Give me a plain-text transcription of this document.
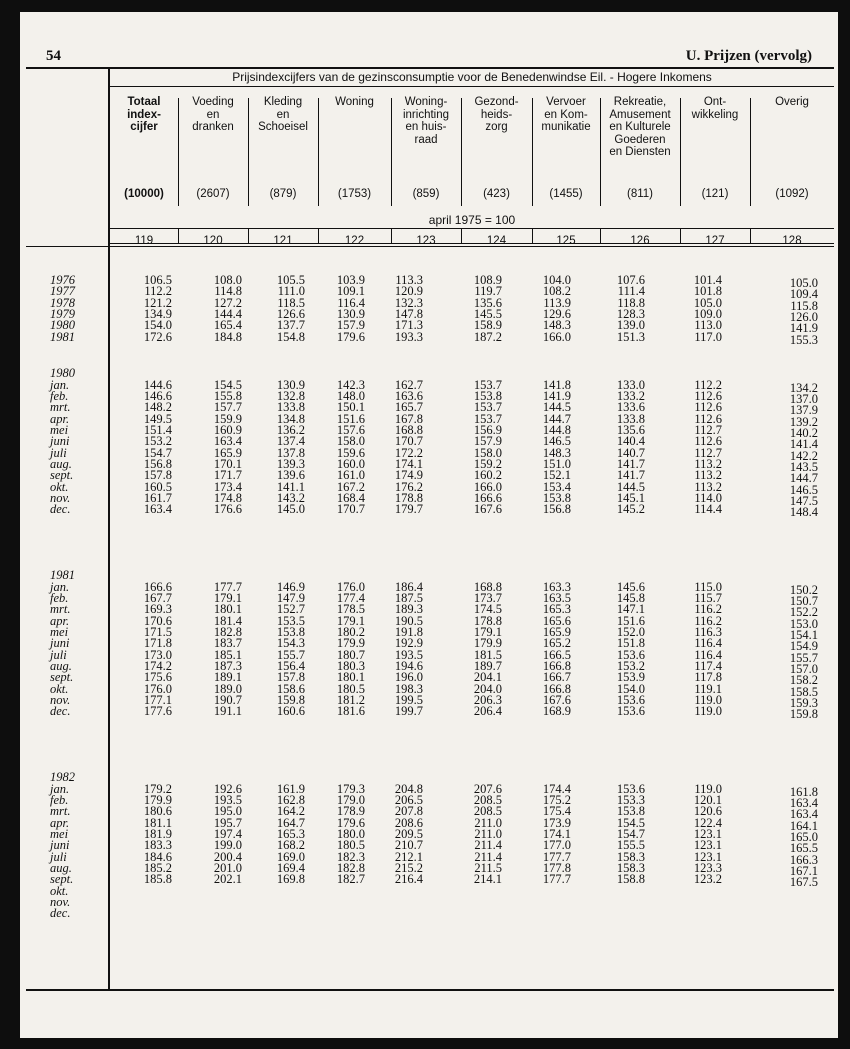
54	U. Prijzen (vervolg)
Prijsindexcijfers van de gezinsconsumptie voor de Benedenwindse Eil. - Hogere Inkomens
april 1975 = 100
Totaal
index-
cijfer
(10000)
Voeding
en
dranken
(2607)
Kleding
en
Schoeisel
(879)
Woning
(1753)
Woning-
inrichting
en huis-
raad
(859)
Gezond-
heids-
zorg
(423)
Vervoer
en Kom-
munikatie
(1455)
Rekreatie,
Amusement
en Kulturele
Goederen
en Diensten
(811)
Ont-
wikkeling
(121)
Overig
(1092)
119	120	121	122	123	124	125	126	127	128
1976	106.5	108.0	105.5	103.9	113.3	108.9	104.0	107.6	101.4	105.0
1977	112.2	114.8	111.0	109.1	120.9	119.7	108.2	111.4	101.8	109.4
1978	121.2	127.2	118.5	116.4	132.3	135.6	113.9	118.8	105.0	115.8
1979	134.9	144.4	126.6	130.9	147.8	145.5	129.6	128.3	109.0	126.0
1980	154.0	165.4	137.7	157.9	171.3	158.9	148.3	139.0	113.0	141.9
1981	172.6	184.8	154.8	179.6	193.3	187.2	166.0	151.3	117.0	155.3
1980
jan.	144.6	154.5	130.9	142.3	162.7	153.7	141.8	133.0	112.2	134.2
feb.	146.6	155.8	132.8	148.0	163.6	153.8	141.9	133.2	112.6	137.0
mrt.	148.2	157.7	133.8	150.1	165.7	153.7	144.5	133.6	112.6	137.9
apr.	149.5	159.9	134.8	151.6	167.8	153.7	144.7	133.8	112.6	139.2
mei	151.4	160.9	136.2	157.6	168.8	156.9	144.8	135.6	112.7	140.2
juni	153.2	163.4	137.4	158.0	170.7	157.9	146.5	140.4	112.6	141.4
juli	154.7	165.9	137.8	159.6	172.2	158.0	148.3	140.7	112.7	142.2
aug.	156.8	170.1	139.3	160.0	174.1	159.2	151.0	141.7	113.2	143.5
sept.	157.8	171.7	139.6	161.0	174.9	160.2	152.1	141.7	113.2	144.7
okt.	160.5	173.4	141.1	167.2	176.2	166.0	153.4	144.5	113.2	146.5
nov.	161.7	174.8	143.2	168.4	178.8	166.6	153.8	145.1	114.0	147.5
dec.	163.4	176.6	145.0	170.7	179.7	167.6	156.8	145.2	114.4	148.4
1981
jan.	166.6	177.7	146.9	176.0	186.4	168.8	163.3	145.6	115.0	150.2
feb.	167.7	179.1	147.9	177.4	187.5	173.7	163.5	145.8	115.7	150.7
mrt.	169.3	180.1	152.7	178.5	189.3	174.5	165.3	147.1	116.2	152.2
apr.	170.6	181.4	153.5	179.1	190.5	178.8	165.6	151.6	116.2	153.0
mei	171.5	182.8	153.8	180.2	191.8	179.1	165.9	152.0	116.3	154.1
juni	171.8	183.7	154.3	179.9	192.9	179.9	165.2	151.8	116.4	154.9
juli	173.0	185.1	155.7	180.7	193.5	181.5	166.5	153.6	116.4	155.7
aug.	174.2	187.3	156.4	180.3	194.6	189.7	166.8	153.2	117.4	157.0
sept.	175.6	189.1	157.8	180.1	196.0	204.1	166.7	153.9	117.8	158.2
okt.	176.0	189.0	158.6	180.5	198.3	204.0	166.8	154.0	119.1	158.5
nov.	177.1	190.7	159.8	181.2	199.5	206.3	167.6	153.6	119.0	159.3
dec.	177.6	191.1	160.6	181.6	199.7	206.4	168.9	153.6	119.0	159.8
1982
jan.	179.2	192.6	161.9	179.3	204.8	207.6	174.4	153.6	119.0	161.8
feb.	179.9	193.5	162.8	179.0	206.5	208.5	175.2	153.3	120.1	163.4
mrt.	180.6	195.0	164.2	178.9	207.8	208.5	175.4	153.8	120.6	163.4
apr.	181.1	195.7	164.7	179.6	208.6	211.0	173.9	154.5	122.4	164.1
mei	181.9	197.4	165.3	180.0	209.5	211.0	174.1	154.7	123.1	165.0
juni	183.3	199.0	168.2	180.5	210.7	211.4	177.0	155.5	123.1	165.5
juli	184.6	200.4	169.0	182.3	212.1	211.4	177.7	158.3	123.1	166.3
aug.	185.2	201.0	169.4	182.8	215.2	211.5	177.8	158.3	123.3	167.1
sept.	185.8	202.1	169.8	182.7	216.4	214.1	177.7	158.8	123.2	167.5
okt.
nov.
dec.
